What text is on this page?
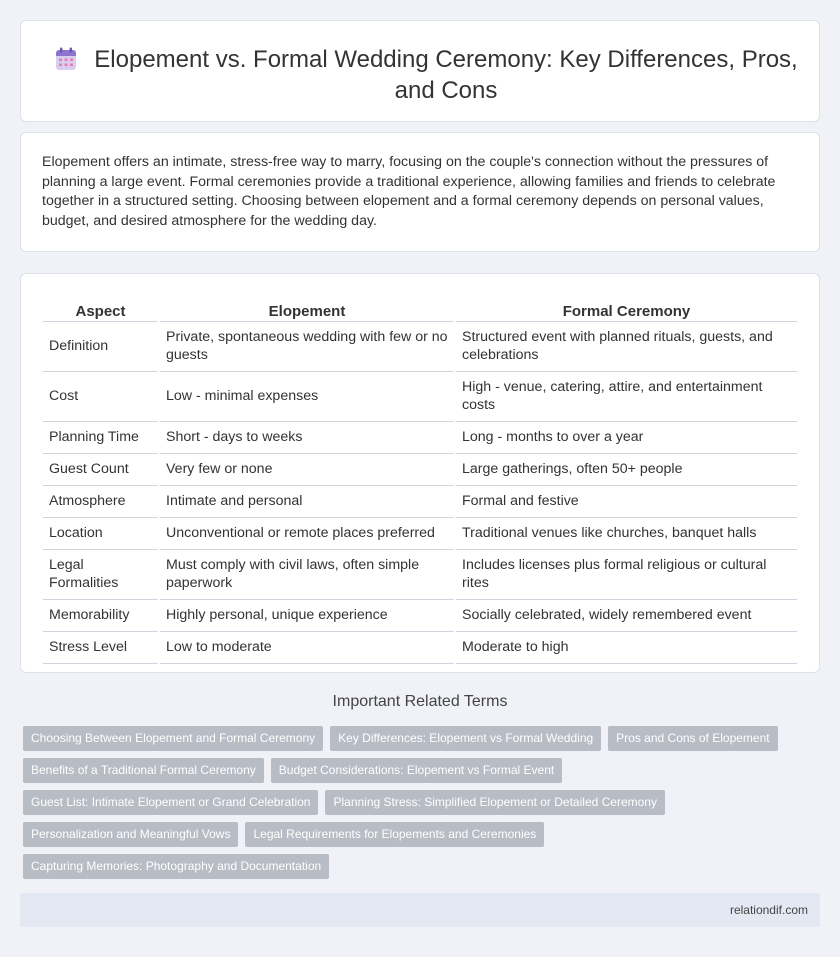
Elopement vs. Formal Wedding Ceremony: Key Differences, Pros, and Cons

Elopement offers an intimate, stress-free way to marry, focusing on the couple's connection without the pressures of planning a large event. Formal ceremonies provide a traditional experience, allowing families and friends to celebrate together in a structured setting. Choosing between elopement and a formal ceremony depends on personal values, budget, and desired atmosphere for the wedding day.

Aspect	Elopement	Formal Ceremony
Definition	Private, spontaneous wedding with few or no guests	Structured event with planned rituals, guests, and celebrations
Cost	Low - minimal expenses	High - venue, catering, attire, and entertainment costs
Planning Time	Short - days to weeks	Long - months to over a year
Guest Count	Very few or none	Large gatherings, often 50+ people
Atmosphere	Intimate and personal	Formal and festive
Location	Unconventional or remote places preferred	Traditional venues like churches, banquet halls
Legal Formalities	Must comply with civil laws, often simple paperwork	Includes licenses plus formal religious or cultural rites
Memorability	Highly personal, unique experience	Socially celebrated, widely remembered event
Stress Level	Low to moderate	Moderate to high
Important Related Terms
Choosing Between Elopement and Formal Ceremony	Key Differences: Elopement vs Formal Wedding	Pros and Cons of Elopement
Benefits of a Traditional Formal Ceremony	Budget Considerations: Elopement vs Formal Event
Guest List: Intimate Elopement or Grand Celebration	Planning Stress: Simplified Elopement or Detailed Ceremony
Personalization and Meaningful Vows	Legal Requirements for Elopements and Ceremonies
Capturing Memories: Photography and Documentation
relationdif.com
